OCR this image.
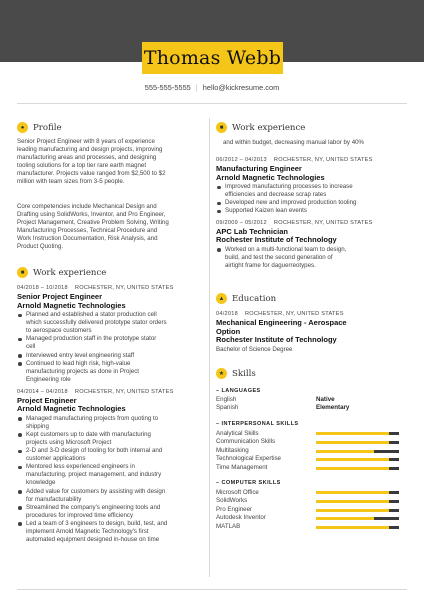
Thomas Webb
555-555-5555 | hello@kickresume.com
●	Profile
Senior Project Engineer with 8 years of experience
leading manufacturing and design projects, improving
manufacturing areas and processes, and designing
tooling solutions for a top tier rare earth magnet
manufacturer. Projects value ranged from $2,500 to $2
million with team sizes from 3-5 people.
Core competencies include Mechanical Design and
Drafting using SolidWorks, Inventor, and Pro Engineer,
Project Management, Creative Problem Solving, Writing
Manufacturing Processes, Technical Procedure and
Work Instruction Documentation, Risk Analysis, and
Product Quoting.
■	Work experience
04/2018 – 10/2018 ROCHESTER, NY, UNITED STATES
Senior Project Engineer
Arnold Magnetic Technologies
Planned and established a stator production cell
which successfully delivered prototype stator orders
to aerospace customers
Managed production staff in the prototype stator
cell
Interviewed entry level engineering staff
Continued to lead high risk, high-value
manufacturing projects as done in Project
Engineering role
04/2014 – 04/2018 ROCHESTER, NY, UNITED STATES
Project Engineer
Arnold Magnetic Technologies
Managed manufacturing projects from quoting to
shipping
Kept customers up to date with manufacturing
projects using Microsoft Project
2-D and 3-D design of tooling for both internal and
customer applications
Mentored less experienced engineers in
manufacturing, project management, and industry
knowledge
Added value for customers by assisting with design
for manufacturability
Streamlined the company's engineering tools and
procedures for improved time efficiency
Led a team of 3 engineers to design, build, test, and
implement Arnold Magnetic Technology's first
automated equipment designed in-house on time
■	Work experience
and within budget, decreasing manual labor by 40%
06/2012 – 04/2013 ROCHESTER, NY, UNITED STATES
Manufacturing Engineer
Arnold Magnetic Technologies
Improved manufacturing processes to increase
efficiencies and decrease scrap rates
Developed new and improved production tooling
Supported Kaizen lean events
09/2009 – 05/2012 ROCHESTER, NY, UNITED STATES
APC Lab Technician
Rochester Institute of Technology
Worked on a multi-functional team to design,
build, and test the second generation of
airtight frame for daguerreotypes.
▲ Education
04/2018 ROCHESTER, NY, UNITED STATES
Mechanical Engineering - Aerospace
Option
Rochester Institute of Technology
Bachelor of Science Degree
★ Skills
– LANGUAGES
English	Native
Spanish	Elementary
– INTERPERSONAL SKILLS
Analytical Skills
Communication Skills
Multitasking
Technological Expertise
Time Management
– COMPUTER SKILLS
Microsoft Office
SolidWorks
Pro Engineer
Autodesk Inventor
MATLAB
